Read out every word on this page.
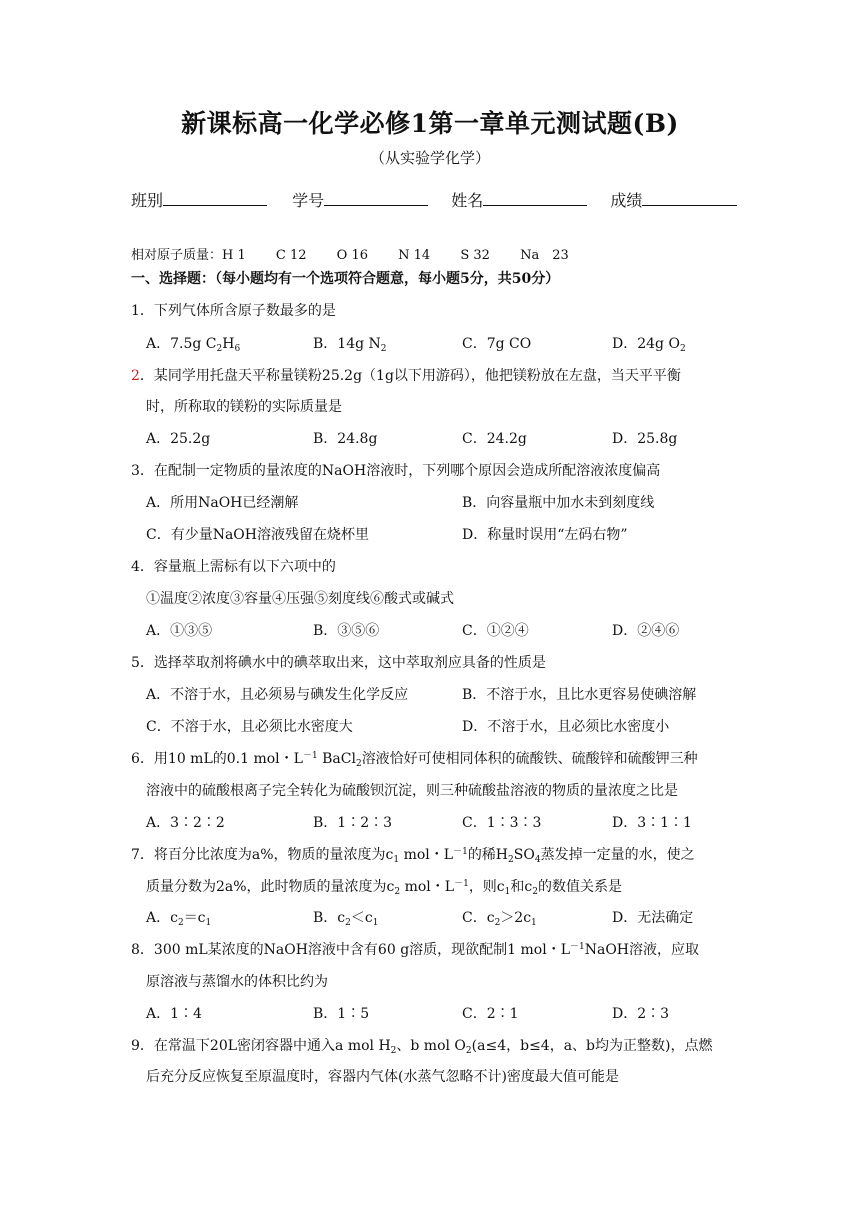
新课标高一化学必修1第一章单元测试题(B)
（从实验学化学）
班别	学号	姓名	成绩
相对原子质量：H 1 C 12 O 16 N 14 S 32 Na　23
一、选择题：（每小题均有一个选项符合题意，每小题5分，共50分）
1．下列气体所含原子数最多的是
A．7.5g $C_2H_6$	B．14g $N_2$	C．7g CO	D．24g $O_2$
2．某同学用托盘天平称量镁粉25.2g（1g以下用游码），他把镁粉放在左盘，当天平平衡
时，所称取的镁粉的实际质量是
A．25.2g	B．24.8g	C．24.2g	D．25.8g
3．在配制一定物质的量浓度的NaOH溶液时，下列哪个原因会造成所配溶液浓度偏高
A．所用NaOH已经潮解	B．向容量瓶中加水未到刻度线
C．有少量NaOH溶液残留在烧杯里	D．称量时误用“左码右物”
4．容量瓶上需标有以下六项中的
①温度②浓度③容量④压强⑤刻度线⑥酸式或碱式
A．①③⑤	B．③⑤⑥	C．①②④	D．②④⑥
5．选择萃取剂将碘水中的碘萃取出来，这中萃取剂应具备的性质是
A．不溶于水，且必须易与碘发生化学反应	B．不溶于水，且比水更容易使碘溶解
C．不溶于水，且必须比水密度大	D．不溶于水，且必须比水密度小
6．用10 mL的0.1 mol・$L^{-1}$ BaCl$_2$溶液恰好可使相同体积的硫酸铁、硫酸锌和硫酸钾三种
溶液中的硫酸根离子完全转化为硫酸钡沉淀，则三种硫酸盐溶液的物质的量浓度之比是
A．3∶2∶2	B．1∶2∶3	C．1∶3∶3	D．3∶1∶1
7．将百分比浓度为a%，物质的量浓度为$c_1$ mol・$L^{-1}$的稀$H_2SO_4$蒸发掉一定量的水，使之
质量分数为2a%，此时物质的量浓度为$c_2$ mol・$L^{-1}$，则$c_1$和$c_2$的数值关系是
A．$c_2=c_1$	B．$c_2<c_1$	C．$c_2>2c_1$	D．无法确定
8．300 mL某浓度的NaOH溶液中含有60 g溶质，现欲配制1 mol・$L^{-1}NaOH$溶液，应取
原溶液与蒸馏水的体积比约为
A．1∶4	B．1∶5	C．2∶1	D．2∶3
9．在常温下20L密闭容器中通入a mol $H_2$、b mol $O_2(a\le 4$，b≤4，a、b均为正整数)，点燃
后充分反应恢复至原温度时，容器内气体(水蒸气忽略不计)密度最大值可能是
